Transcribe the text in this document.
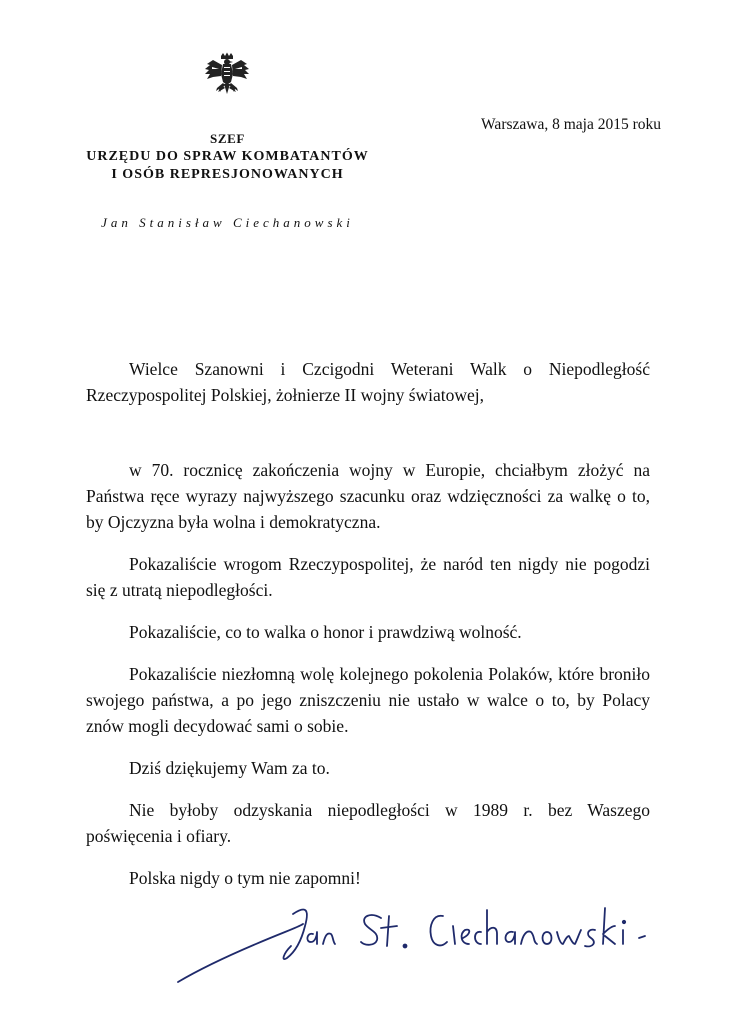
Warszawa, 8 maja 2015 roku
SZEF
URZĘDU DO SPRAW KOMBATANTÓW
I OSÓB REPRESJONOWANYCH
Jan Stanisław Ciechanowski

Wielce Szanowni i Czcigodni Weterani Walk o Niepodległość Rzeczypospolitej Polskiej, żołnierze II wojny światowej,

w 70. rocznicę zakończenia wojny w Europie, chciałbym złożyć na Państwa ręce wyrazy najwyższego szacunku oraz wdzięczności za walkę o to, by Ojczyzna była wolna i demokratyczna.

Pokazaliście wrogom Rzeczypospolitej, że naród ten nigdy nie pogodzi się z utratą niepodległości.

Pokazaliście, co to walka o honor i prawdziwą wolność.

Pokazaliście niezłomną wolę kolejnego pokolenia Polaków, które broniło swojego państwa, a po jego zniszczeniu nie ustało w walce o to, by Polacy znów mogli decydować sami o sobie.

Dziś dziękujemy Wam za to.

Nie byłoby odzyskania niepodległości w 1989 r. bez Waszego poświęcenia i ofiary.

Polska nigdy o tym nie zapomni!
